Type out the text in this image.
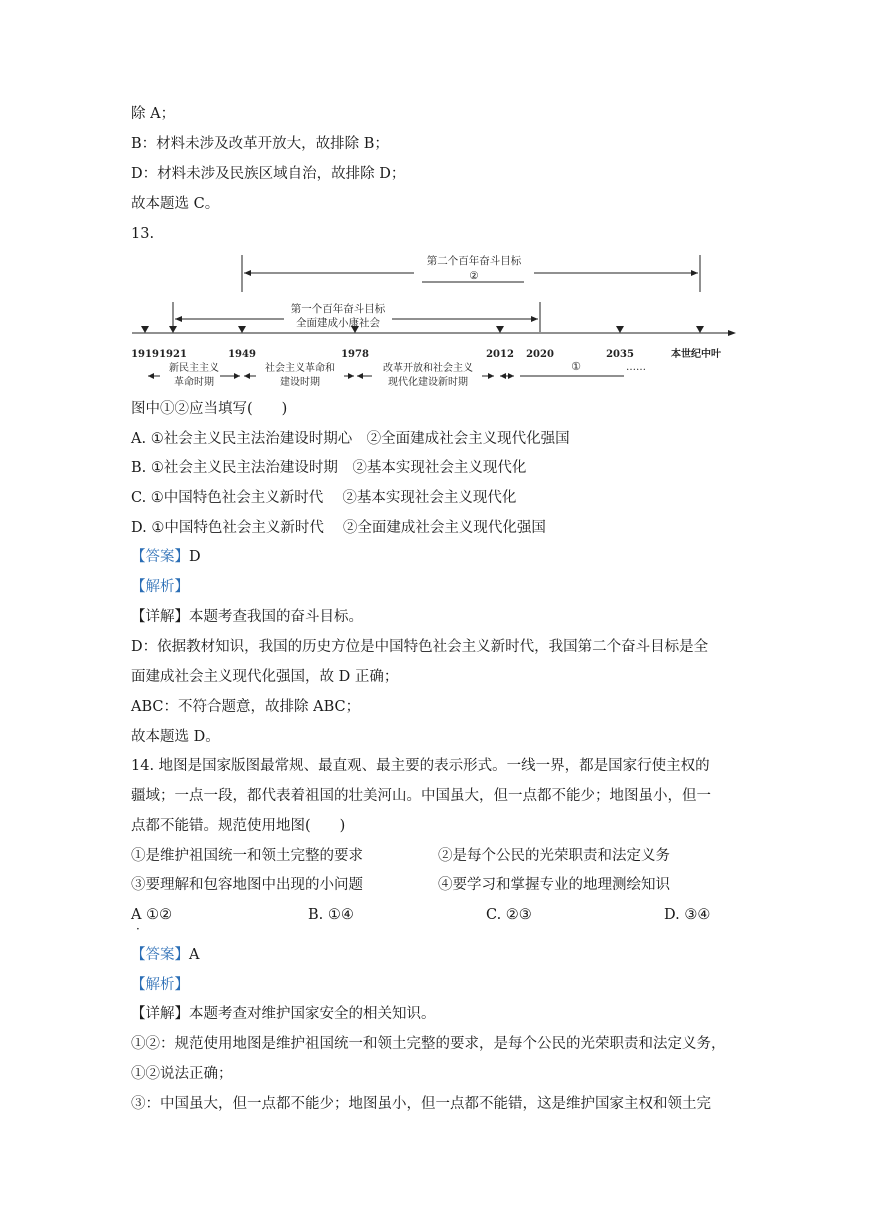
除 A；
B：材料未涉及改革开放大，故排除 B；
D：材料未涉及民族区域自治，故排除 D；
故本题选 C。
13.
第二个百年奋斗目标
②
第一个百年奋斗目标
全面建成小康社会
1919 1921	1949	1978	2012 2020	2035	本世纪中叶
新民主主义
革命时期
社会主义革命和
建设时期
改革开放和社会主义
现代化建设新时期
①	……
图中①②应当填写(　　)
A. ①社会主义民主法治建设时期心　②全面建成社会主义现代化强国
B. ①社会主义民主法治建设时期　②基本实现社会主义现代化
C. ①中国特色社会主义新时代　 ②基本实现社会主义现代化
D. ①中国特色社会主义新时代　 ②全面建成社会主义现代化强国
【答案】D
【解析】
【详解】本题考查我国的奋斗目标。
D：依据教材知识，我国的历史方位是中国特色社会主义新时代，我国第二个奋斗目标是全
面建成社会主义现代化强国，故 D 正确；
ABC：不符合题意，故排除 ABC；
故本题选 D。
14. 地图是国家版图最常规、最直观、最主要的表示形式。一线一界，都是国家行使主权的
疆域；一点一段，都代表着祖国的壮美河山。中国虽大，但一点都不能少；地图虽小，但一
点都不能错。规范使用地图(　　)
①是维护祖国统一和领土完整的要求	②是每个公民的光荣职责和法定义务
③要理解和包容地图中出现的小问题	④要学习和掌握专业的地理测绘知识
A ①②	B. ①④	C. ②③	D. ③④
·
【答案】A
【解析】
【详解】本题考查对维护国家安全的相关知识。
①②：规范使用地图是维护祖国统一和领土完整的要求，是每个公民的光荣职责和法定义务，
①②说法正确；
③：中国虽大，但一点都不能少；地图虽小，但一点都不能错，这是维护国家主权和领土完
